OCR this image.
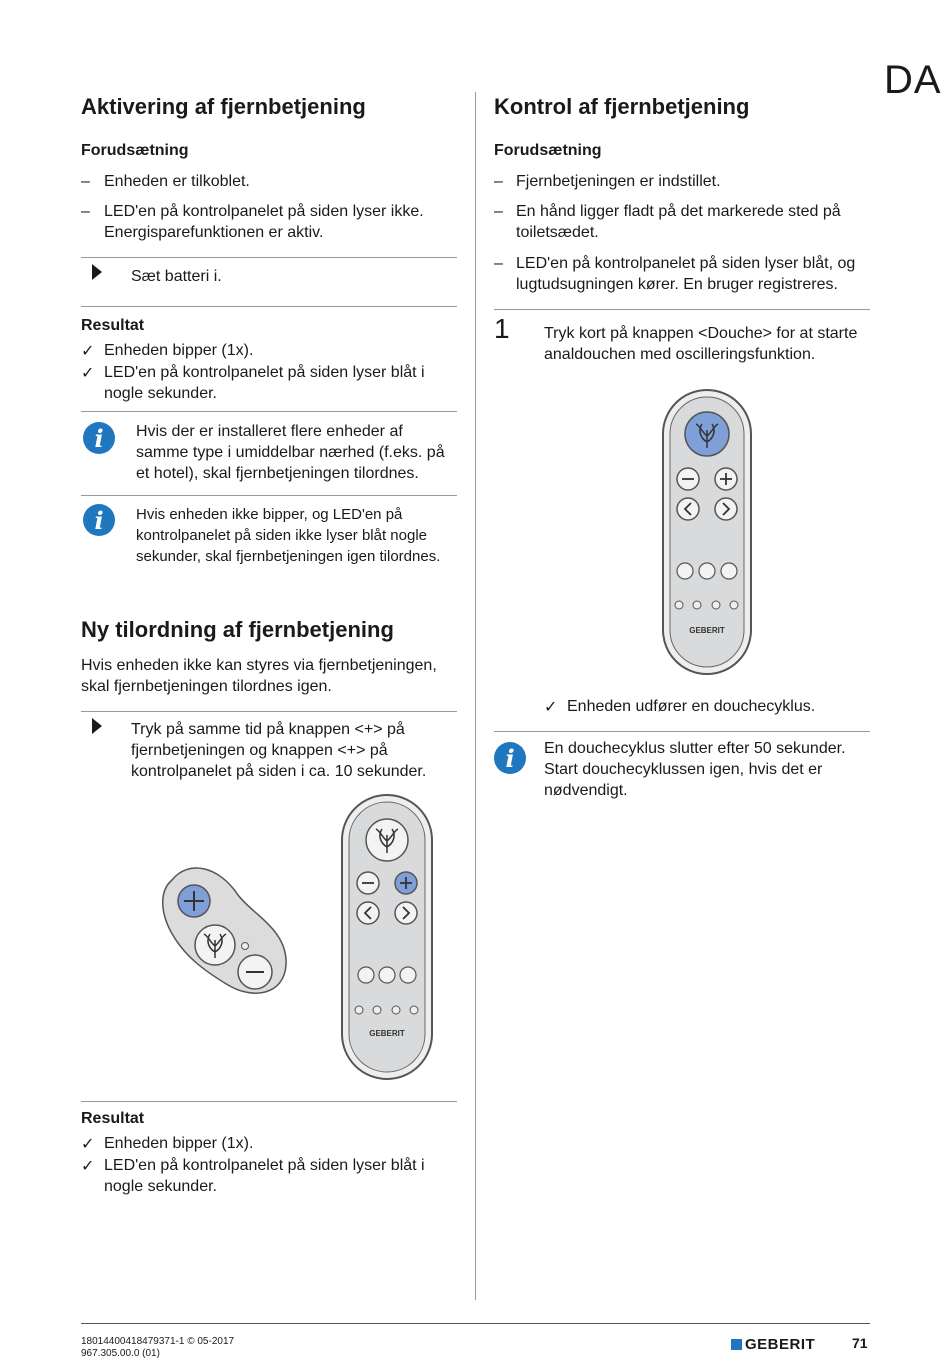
DA
Aktivering af fjernbetjening
Forudsætning
– Enheden er tilkoblet.
– LED'en på kontrolpanelet på siden lyser ikke.
Energisparefunktionen er aktiv.
Sæt batteri i.
Resultat
✓ Enheden bipper (1x).
✓ LED'en på kontrolpanelet på siden lyser blåt i
nogle sekunder.
i	Hvis der er installeret flere enheder af
samme type i umiddelbar nærhed (f.eks. på
et hotel), skal fjernbetjeningen tilordnes.
i	Hvis enheden ikke bipper, og LED'en på
kontrolpanelet på siden ikke lyser blåt nogle
sekunder, skal fjernbetjeningen igen tilordnes.
Ny tilordning af fjernbetjening
Hvis enheden ikke kan styres via fjernbetjeningen,
skal fjernbetjeningen tilordnes igen.
Tryk på samme tid på knappen <+> på
fjernbetjeningen og knappen <+> på
kontrolpanelet på siden i ca. 10 sekunder.
GEBERIT
Resultat
✓ Enheden bipper (1x).
✓ LED'en på kontrolpanelet på siden lyser blåt i
nogle sekunder.
Kontrol af fjernbetjening
Forudsætning
– Fjernbetjeningen er indstillet.
– En hånd ligger fladt på det markerede sted på
toiletsædet.
– LED'en på kontrolpanelet på siden lyser blåt, og
lugtudsugningen kører. En bruger registreres.
1 Tryk kort på knappen <Douche> for at starte
analdouchen med oscilleringsfunktion.
GEBERIT
✓ Enheden udfører en douchecyklus.
i	En douchecyklus slutter efter 50 sekunder.
Start douchecyklussen igen, hvis det er
nødvendigt.
18014400418479371-1 © 05-2017
967.305.00.0 (01)
GEBERIT	71
